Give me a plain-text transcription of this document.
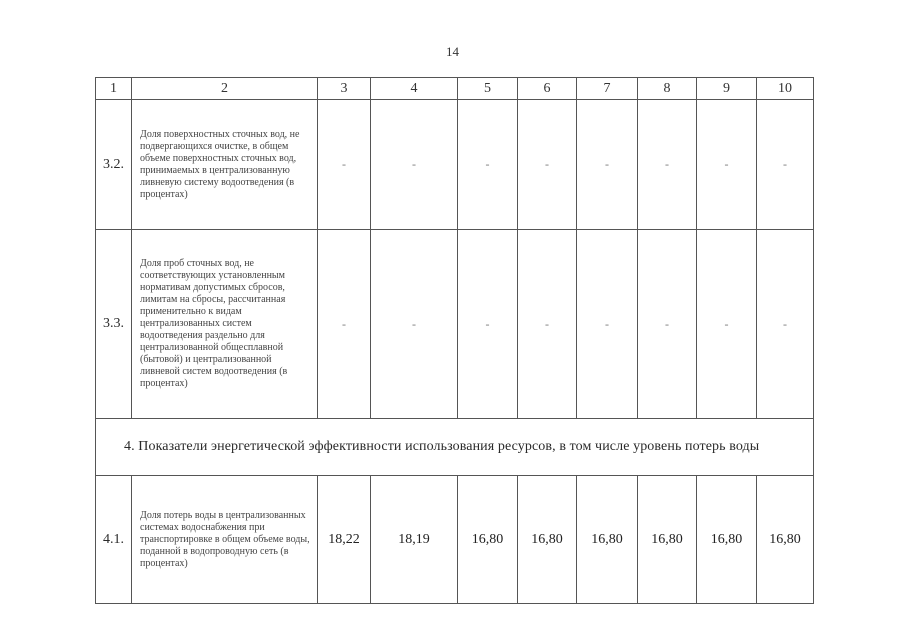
14
1	2	3	4	5	6	7	8	9	10
3.2.	Доля поверхностных сточных вод, не подвергающихся очистке, в общем объеме поверхностных сточных вод, принимаемых в централизованную ливневую систему водоотведения (в процентах)	-	-	-	-	-	-	-	-
3.3.	Доля проб сточных вод, не соответствующих установленным нормативам допустимых сбросов, лимитам на сбросы, рассчитанная применительно к видам централизованных систем водоотведения раздельно для централизованной общесплавной (бытовой) и централизованной ливневой систем водоотведения (в процентах)	-	-	-	-	-	-	-	-
4. Показатели энергетической эффективности использования ресурсов, в том числе уровень потерь воды									
4.1.	Доля потерь воды в централизованных системах водоснабжения при транспортировке в общем объеме воды, поданной в водопроводную сеть (в процентах)	18,22	18,19	16,80	16,80	16,80	16,80	16,80	16,80
